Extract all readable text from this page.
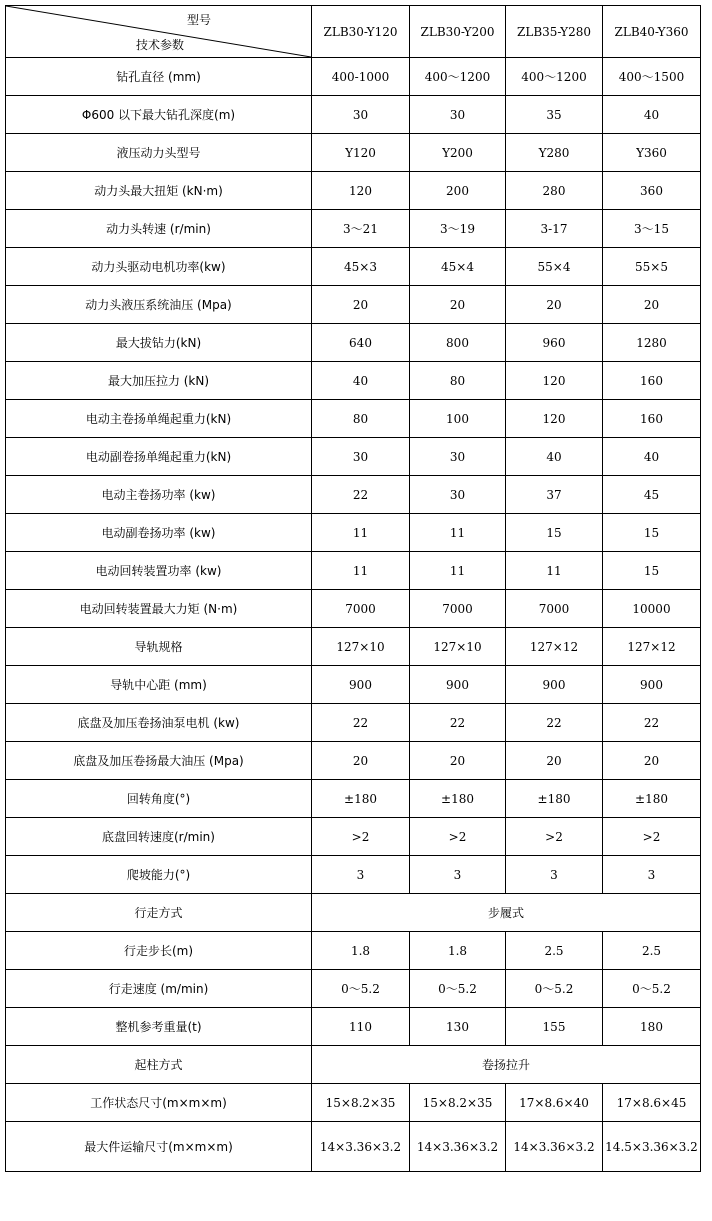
型号
技术参数	ZLB30-Y120	ZLB30-Y200	ZLB35-Y280	ZLB40-Y360
钻孔直径 (mm)	400-1000	400～1200	400～1200	400～1500
Φ600 以下最大钻孔深度(m)	30	30	35	40
液压动力头型号	Y120	Y200	Y280	Y360
动力头最大扭矩 (kN·m)	120	200	280	360
动力头转速 (r/min)	3～21	3～19	3-17	3～15
动力头驱动电机功率(kw)	45×3	45×4	55×4	55×5
动力头液压系统油压 (Mpa)	20	20	20	20
最大拔钻力(kN)	640	800	960	1280
最大加压拉力 (kN)	40	80	120	160
电动主卷扬单绳起重力(kN)	80	100	120	160
电动副卷扬单绳起重力(kN)	30	30	40	40
电动主卷扬功率 (kw)	22	30	37	45
电动副卷扬功率 (kw)	11	11	15	15
电动回转装置功率 (kw)	11	11	11	15
电动回转装置最大力矩 (N·m)	7000	7000	7000	10000
导轨规格	127×10	127×10	127×12	127×12
导轨中心距 (mm)	900	900	900	900
底盘及加压卷扬油泵电机 (kw)	22	22	22	22
底盘及加压卷扬最大油压 (Mpa)	20	20	20	20
回转角度(°)	±180	±180	±180	±180
底盘回转速度(r/min)	>2	>2	>2	>2
爬坡能力(°)	3	3	3	3
行走方式	步履式			
行走步长(m)	1.8	1.8	2.5	2.5
行走速度 (m/min)	0～5.2	0～5.2	0～5.2	0～5.2
整机参考重量(t)	110	130	155	180
起柱方式	卷扬拉升			
工作状态尺寸(m×m×m)	15×8.2×35	15×8.2×35	17×8.6×40	17×8.6×45
最大件运输尺寸(m×m×m)	14×3.36×3.2	14×3.36×3.2	14×3.36×3.2	14.5×3.36×3.2
